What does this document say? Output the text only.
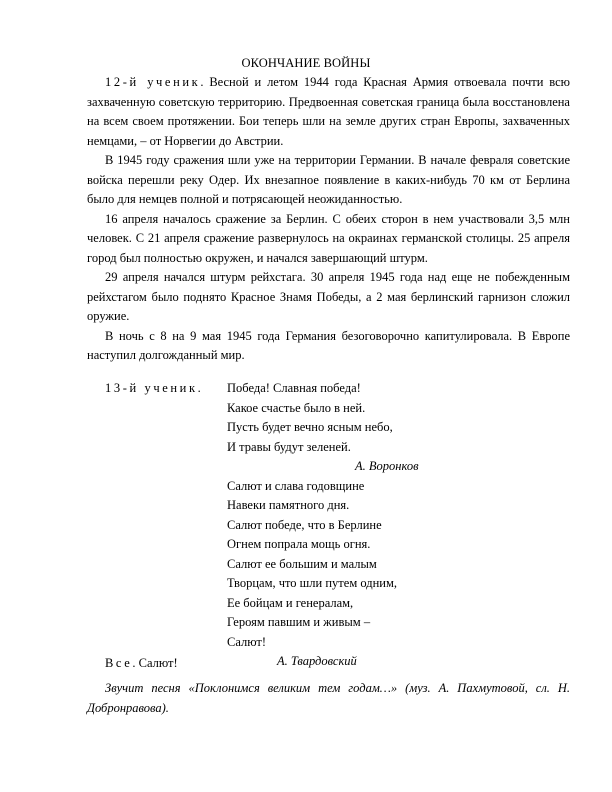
ОКОНЧАНИЕ ВОЙНЫ

12-й ученик. Весной и летом 1944 года Красная Армия отвоевала почти всю захваченную советскую территорию. Предвоенная советская граница была восстановлена на всем своем протяжении. Бои теперь шли на земле других стран Европы, захваченных немцами, – от Норвегии до Австрии.

В 1945 году сражения шли уже на территории Германии. В начале февраля советские войска перешли реку Одер. Их внезапное появление в каких-нибудь 70 км от Берлина было для немцев полной и потрясающей неожиданностью.

16 апреля началось сражение за Берлин. С обеих сторон в нем участвовали 3,5 млн человек. С 21 апреля сражение развернулось на окраинах германской столицы. 25 апреля город был полностью окружен, и начался завершающий штурм.

29 апреля начался штурм рейхстага. 30 апреля 1945 года над еще не побежденным рейхстагом было поднято Красное Знамя Победы, а 2 мая берлинский гарнизон сложил оружие.

В ночь с 8 на 9 мая 1945 года Германия безоговорочно капитулировала. В Европе наступил долгожданный мир.

13-й ученик. Победа! Славная победа!
Какое счастье было в ней.
Пусть будет вечно ясным небо,
И травы будут зеленей.
А. Воронков
Салют и слава годовщине
Навеки памятного дня.
Салют победе, что в Берлине
Огнем попрала мощь огня.
Салют ее большим и малым
Творцам, что шли путем одним,
Ее бойцам и генералам,
Героям павшим и живым –
Салют!
А. Твардовский
Все. Салют!
Звучит песня «Поклонимся великим тем годам…» (муз. А. Пахмутовой, сл. Н. Добронравова).
